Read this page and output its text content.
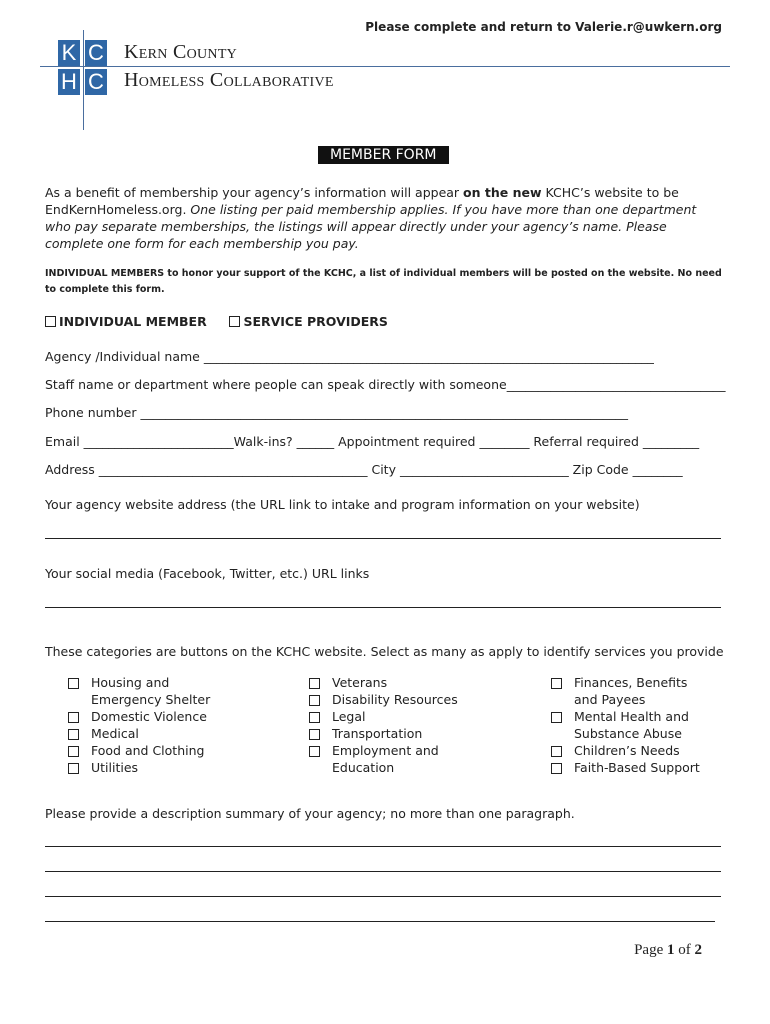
Please complete and return to Valerie.r@uwkern.org
K C
H C
Kern County
Homeless Collaborative
MEMBER FORM
As a benefit of membership your agency’s information will appear on the new KCHC’s website to be EndKernHomeless.org. One listing per paid membership applies. If you have more than one department who pay separate memberships, the listings will appear directly under your agency’s name. Please complete one form for each membership you pay.
INDIVIDUAL MEMBERS to honor your support of the KCHC, a list of individual members will be posted on the website. No need to complete this form.
INDIVIDUAL MEMBER	SERVICE PROVIDERS
Agency /Individual name ________________________________________________________________________
Staff name or department where people can speak directly with someone___________________________________
Phone number ______________________________________________________________________________
Email ________________________Walk-ins? ______ Appointment required ________ Referral required _________
Address ___________________________________________ City ___________________________ Zip Code ________
Your agency website address (the URL link to intake and program information on your website)
Your social media (Facebook, Twitter, etc.) URL links
These categories are buttons on the KCHC website. Select as many as apply to identify services you provide
Housing and Emergency Shelter
Domestic Violence
Medical
Food and Clothing
Utilities
Veterans
Disability Resources
Legal
Transportation
Employment and Education
Finances, Benefits and Payees
Mental Health and Substance Abuse
Children’s Needs
Faith-Based Support
Please provide a description summary of your agency; no more than one paragraph.
Page 1 of 2
